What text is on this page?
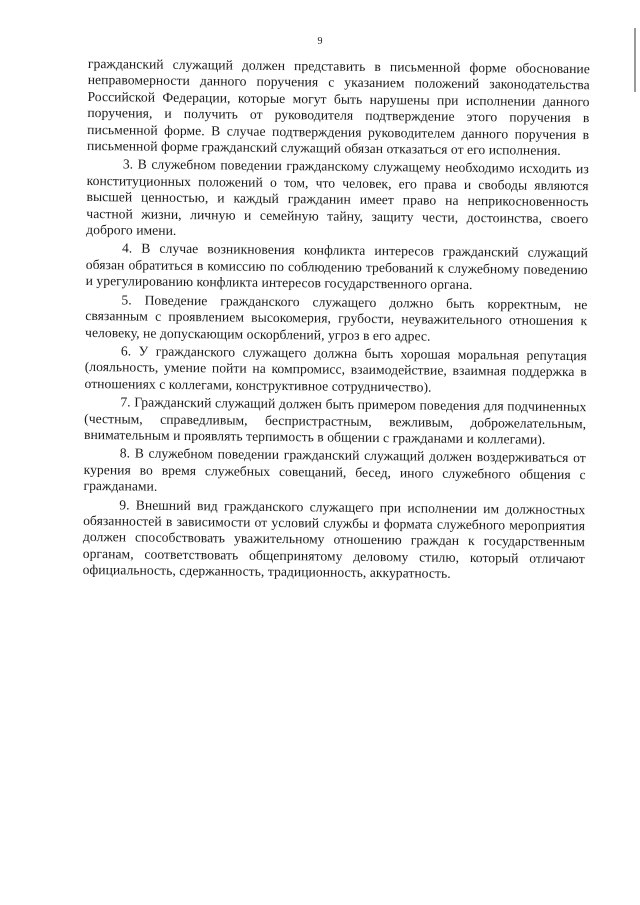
9

гражданский служащий должен представить в письменной форме обоснование неправомерности данного поручения с указанием положений законодательства Российской Федерации, которые могут быть нарушены при исполнении данного поручения, и получить от руководителя подтверждение этого поручения в письменной форме. В случае подтверждения руководителем данного поручения в письменной форме гражданский служащий обязан отказаться от его исполнения.

3. В служебном поведении гражданскому служащему необходимо исходить из конституционных положений о том, что человек, его права и свободы являются высшей ценностью, и каждый гражданин имеет право на неприкосновенность частной жизни, личную и семейную тайну, защиту чести, достоинства, своего доброго имени.

4. В случае возникновения конфликта интересов гражданский служащий обязан обратиться в комиссию по соблюдению требований к служебному поведению и урегулированию конфликта интересов государственного органа.

5. Поведение гражданского служащего должно быть корректным, не связанным с проявлением высокомерия, грубости, неуважительного отношения к человеку, не допускающим оскорблений, угроз в его адрес.

6. У гражданского служащего должна быть хорошая моральная репутация (лояльность, умение пойти на компромисс, взаимодействие, взаимная поддержка в отношениях с коллегами, конструктивное сотрудничество).

7. Гражданский служащий должен быть примером поведения для подчиненных (честным, справедливым, беспристрастным, вежливым, доброжелательным, внимательным и проявлять терпимость в общении с гражданами и коллегами).

8. В служебном поведении гражданский служащий должен воздерживаться от курения во время служебных совещаний, бесед, иного служебного общения с гражданами.

9. Внешний вид гражданского служащего при исполнении им должностных обязанностей в зависимости от условий службы и формата служебного мероприятия должен способствовать уважительному отношению граждан к государственным органам, соответствовать общепринятому деловому стилю, который отличают официальность, сдержанность, традиционность, аккуратность.
